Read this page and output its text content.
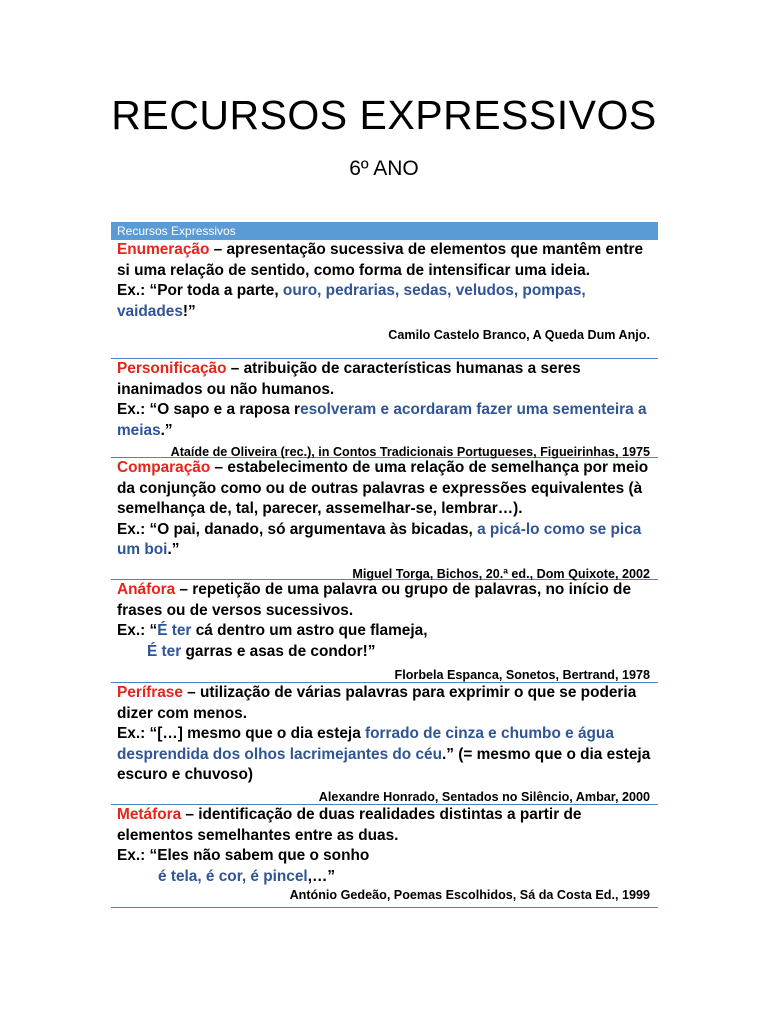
RECURSOS EXPRESSIVOS
6º ANO
Recursos Expressivos

Enumeração – apresentação sucessiva de elementos que mantêm entre si uma relação de sentido, como forma de intensificar uma ideia.
Ex.: “Por toda a parte, ouro, pedrarias, sedas, veludos, pompas, vaidades!”

Camilo Castelo Branco, A Queda Dum Anjo.

Personificação – atribuição de características humanas a seres inanimados ou não humanos.
Ex.: “O sapo e a raposa resolveram e acordaram fazer uma sementeira a meias.”

Ataíde de Oliveira (rec.), in Contos Tradicionais Portugueses, Figueirinhas, 1975

Comparação – estabelecimento de uma relação de semelhança por meio da conjunção como ou de outras palavras e expressões equivalentes (à semelhança de, tal, parecer, assemelhar-se, lembrar…).
Ex.: “O pai, danado, só argumentava às bicadas, a picá-lo como se pica um boi.”

Miguel Torga, Bichos, 20.ª ed., Dom Quixote, 2002

Anáfora – repetição de uma palavra ou grupo de palavras, no início de frases ou de versos sucessivos.
Ex.: “É ter cá dentro um astro que flameja,
É ter garras e asas de condor!”

Florbela Espanca, Sonetos, Bertrand, 1978

Perífrase – utilização de várias palavras para exprimir o que se poderia dizer com menos.
Ex.: “[…] mesmo que o dia esteja forrado de cinza e chumbo e água desprendida dos olhos lacrimejantes do céu.” (= mesmo que o dia esteja escuro e chuvoso)

Alexandre Honrado, Sentados no Silêncio, Ambar, 2000

Metáfora – identificação de duas realidades distintas a partir de elementos semelhantes entre as duas.
Ex.: “Eles não sabem que o sonho
é tela, é cor, é pincel,…”

António Gedeão, Poemas Escolhidos, Sá da Costa Ed., 1999
